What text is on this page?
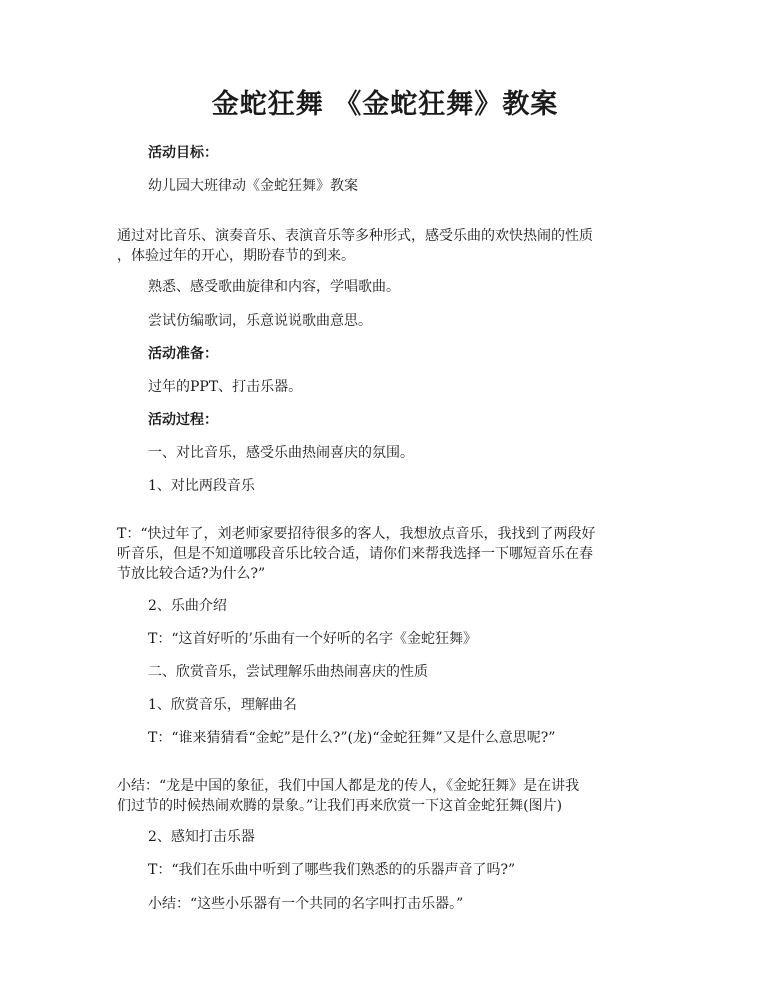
金蛇狂舞 《金蛇狂舞》教案
活动目标：
幼儿园大班律动《金蛇狂舞》教案
通过对比音乐、演奏音乐、表演音乐等多种形式，感受乐曲的欢快热闹的性质
，体验过年的开心，期盼春节的到来。
熟悉、感受歌曲旋律和内容，学唱歌曲。
尝试仿编歌词，乐意说说歌曲意思。
活动准备：
过年的PPT、打击乐器。
活动过程：
一、对比音乐，感受乐曲热闹喜庆的氛围。
1、对比两段音乐
T：“快过年了，刘老师家要招待很多的客人，我想放点音乐，我找到了两段好
听音乐，但是不知道哪段音乐比较合适，请你们来帮我选择一下哪短音乐在春
节放比较合适?为什么?”
2、乐曲介绍
T：“这首好听的’乐曲有一个好听的名字《金蛇狂舞》
二、欣赏音乐，尝试理解乐曲热闹喜庆的性质
1、欣赏音乐，理解曲名
T：“谁来猜猜看“金蛇”是什么?”(龙)“金蛇狂舞”又是什么意思呢?”
小结：“龙是中国的象征，我们中国人都是龙的传人，《金蛇狂舞》是在讲我
们过节的时候热闹欢腾的景象。”让我们再来欣赏一下这首金蛇狂舞(图片)
2、感知打击乐器
T：“我们在乐曲中听到了哪些我们熟悉的的乐器声音了吗?”
小结：“这些小乐器有一个共同的名字叫打击乐器。”
